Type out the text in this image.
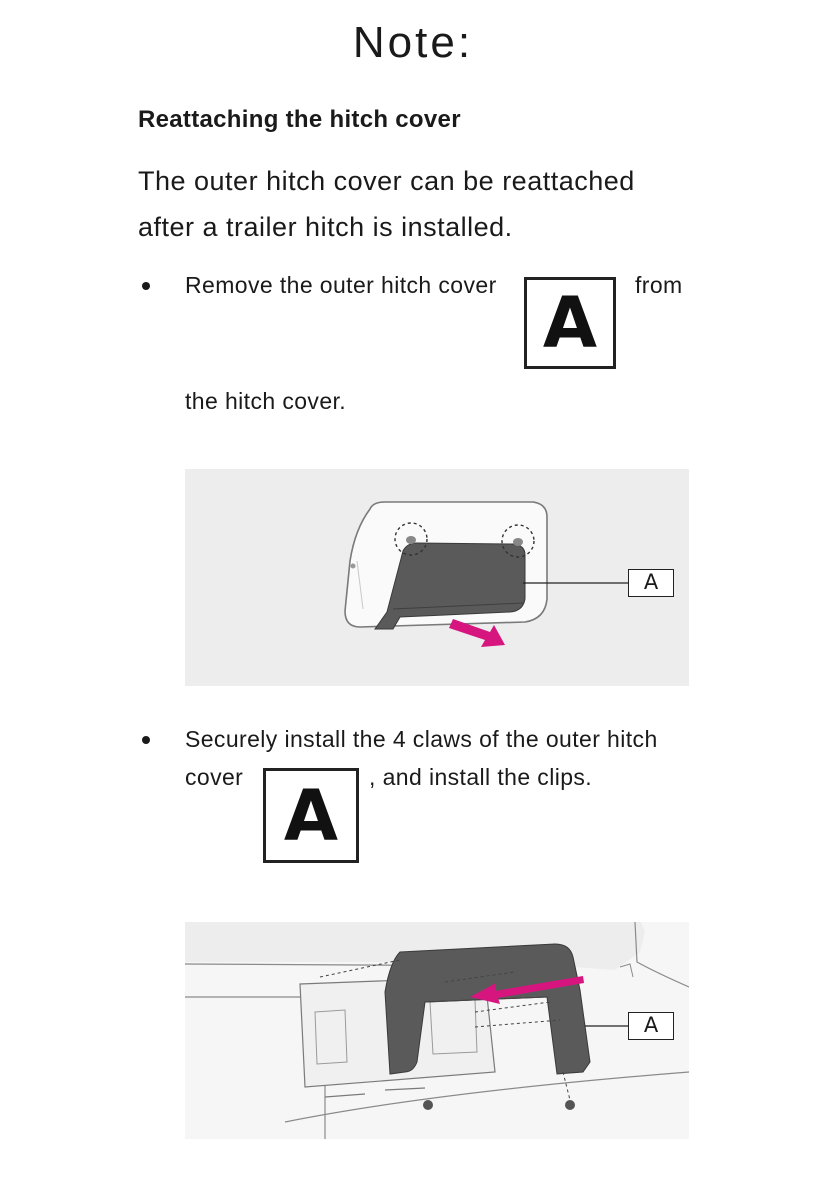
Note:
Reattaching the hitch cover

The outer hitch cover can be reattached after a trailer hitch is installed.

Remove the outer hitch cover A	from
the hitch cover.
A
Securely install the 4 claws of the outer hitch
cover A	, and install the clips.
A
